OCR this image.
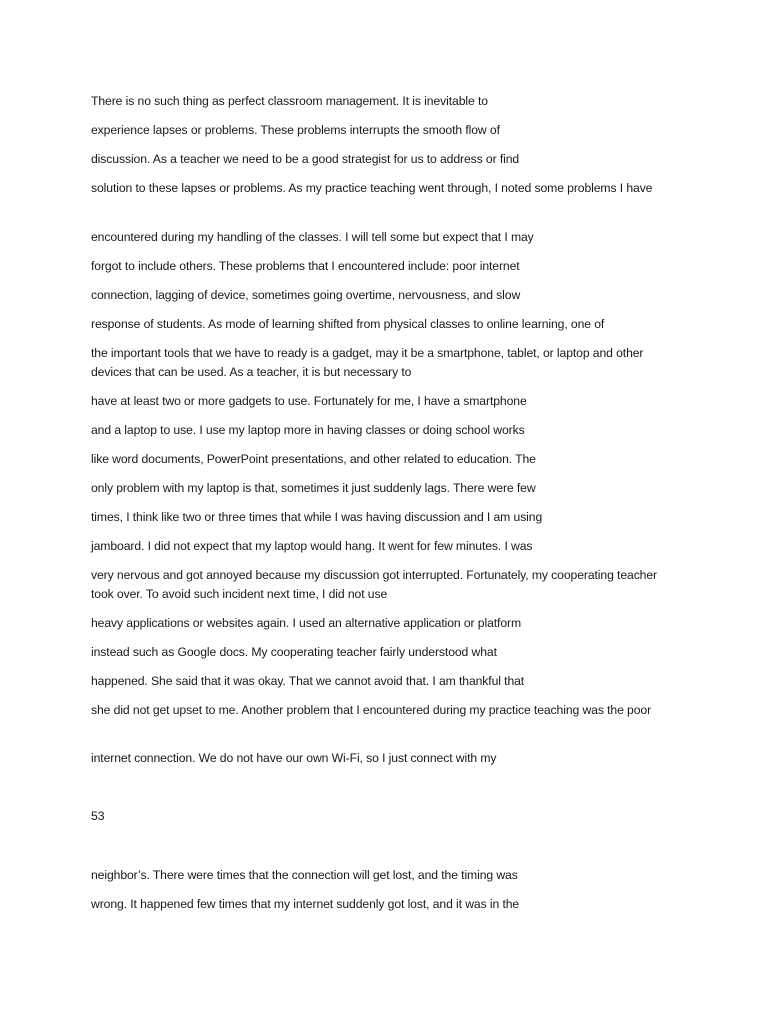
There is no such thing as perfect classroom management. It is inevitable to
experience lapses or problems. These problems interrupts the smooth flow of
discussion. As a teacher we need to be a good strategist for us to address or find
solution to these lapses or problems. As my practice teaching went through, I noted some problems I have
encountered during my handling of the classes. I will tell some but expect that I may
forgot to include others. These problems that I encountered include: poor internet
connection, lagging of device, sometimes going overtime, nervousness, and slow
response of students. As mode of learning shifted from physical classes to online learning, one of
the important tools that we have to ready is a gadget, may it be a smartphone, tablet, or laptop and other devices that can be used. As a teacher, it is but necessary to
have at least two or more gadgets to use. Fortunately for me, I have a smartphone
and a laptop to use. I use my laptop more in having classes or doing school works
like word documents, PowerPoint presentations, and other related to education. The
only problem with my laptop is that, sometimes it just suddenly lags. There were few
times, I think like two or three times that while I was having discussion and I am using
jamboard. I did not expect that my laptop would hang. It went for few minutes. I was
very nervous and got annoyed because my discussion got interrupted. Fortunately, my cooperating teacher took over. To avoid such incident next time, I did not use
heavy applications or websites again. I used an alternative application or platform
instead such as Google docs. My cooperating teacher fairly understood what
happened. She said that it was okay. That we cannot avoid that. I am thankful that
she did not get upset to me. Another problem that I encountered during my practice teaching was the poor
internet connection. We do not have our own Wi-Fi, so I just connect with my
53
neighbor’s. There were times that the connection will get lost, and the timing was
wrong. It happened few times that my internet suddenly got lost, and it was in the
